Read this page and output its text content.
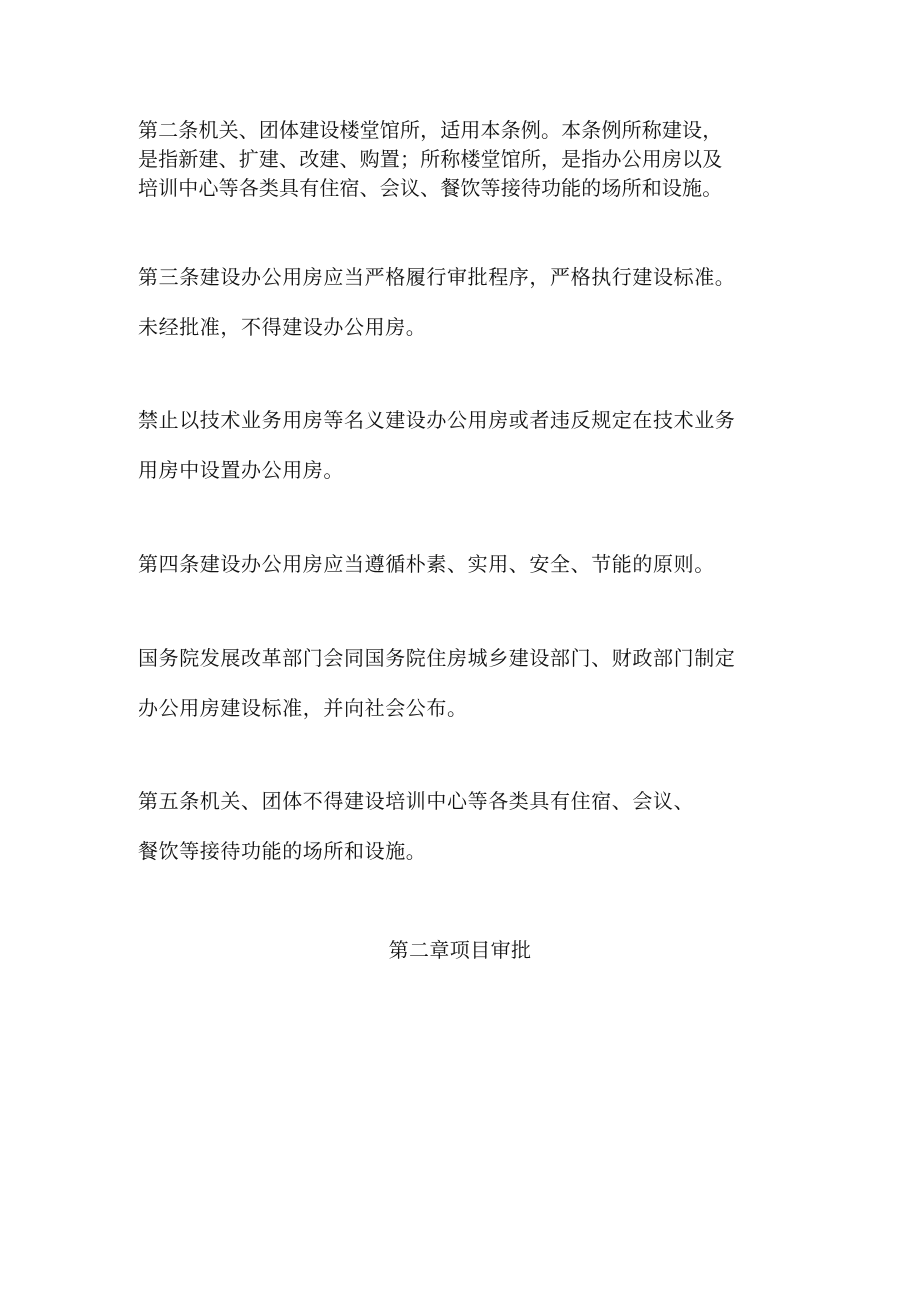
第二条机关、团体建设楼堂馆所，适用本条例。本条例所称建设，
是指新建、扩建、改建、购置；所称楼堂馆所，是指办公用房以及
培训中心等各类具有住宿、会议、餐饮等接待功能的场所和设施。
第三条建设办公用房应当严格履行审批程序，严格执行建设标准。
未经批准，不得建设办公用房。
禁止以技术业务用房等名义建设办公用房或者违反规定在技术业务
用房中设置办公用房。
第四条建设办公用房应当遵循朴素、实用、安全、节能的原则。
国务院发展改革部门会同国务院住房城乡建设部门、财政部门制定
办公用房建设标准，并向社会公布。
第五条机关、团体不得建设培训中心等各类具有住宿、会议、
餐饮等接待功能的场所和设施。
第二章项目审批
